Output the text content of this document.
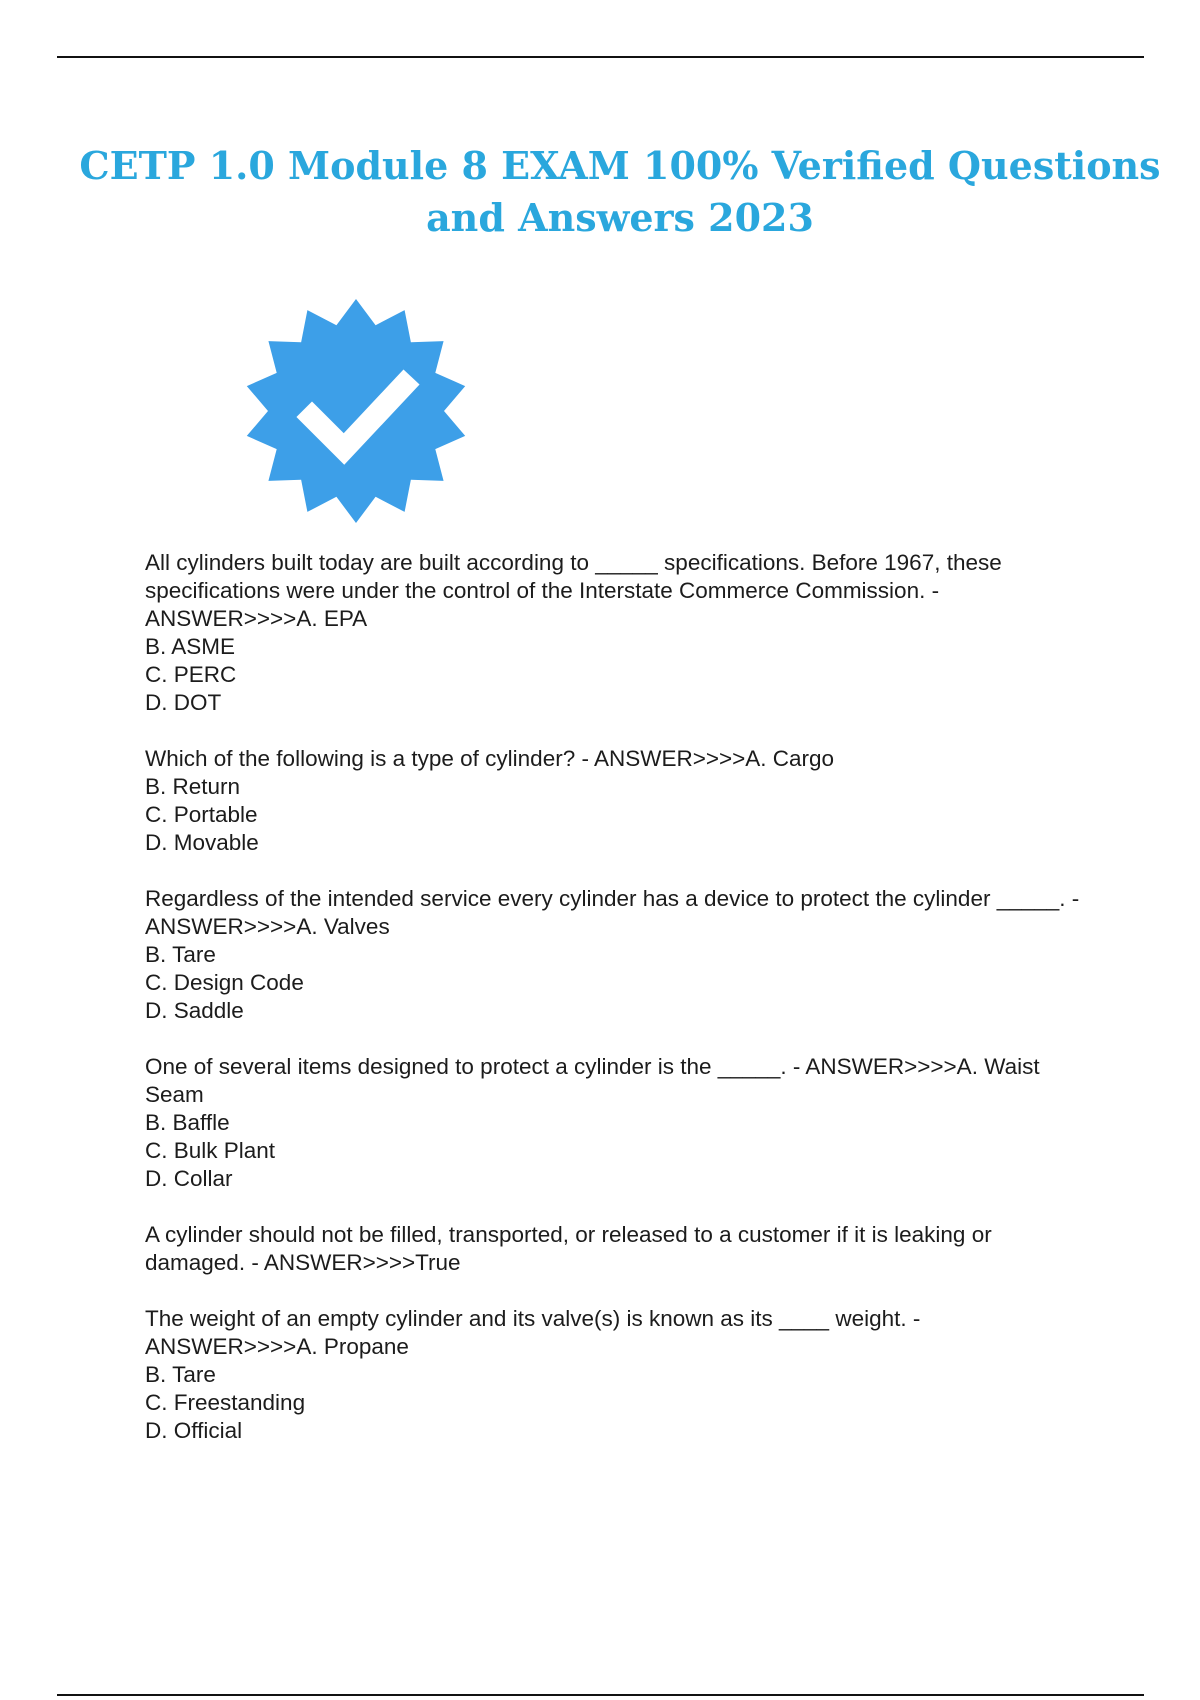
CETP 1.0 Module 8 EXAM 100% Verified Questions
and Answers 2023

All cylinders built today are built according to _____ specifications. Before 1967, these specifications were under the control of the Interstate Commerce Commission. - ANSWER>>>>A. EPA

B. ASME

C. PERC

D. DOT

Which of the following is a type of cylinder? - ANSWER>>>>A. Cargo

B. Return

C. Portable

D. Movable

Regardless of the intended service every cylinder has a device to protect the cylinder _____. - ANSWER>>>>A. Valves

B. Tare

C. Design Code

D. Saddle

One of several items designed to protect a cylinder is the _____. - ANSWER>>>>A. Waist Seam

B. Baffle

C. Bulk Plant

D. Collar

A cylinder should not be filled, transported, or released to a customer if it is leaking or damaged. - ANSWER>>>>True

The weight of an empty cylinder and its valve(s) is known as its ____ weight. - ANSWER>>>>A. Propane

B. Tare

C. Freestanding

D. Official
